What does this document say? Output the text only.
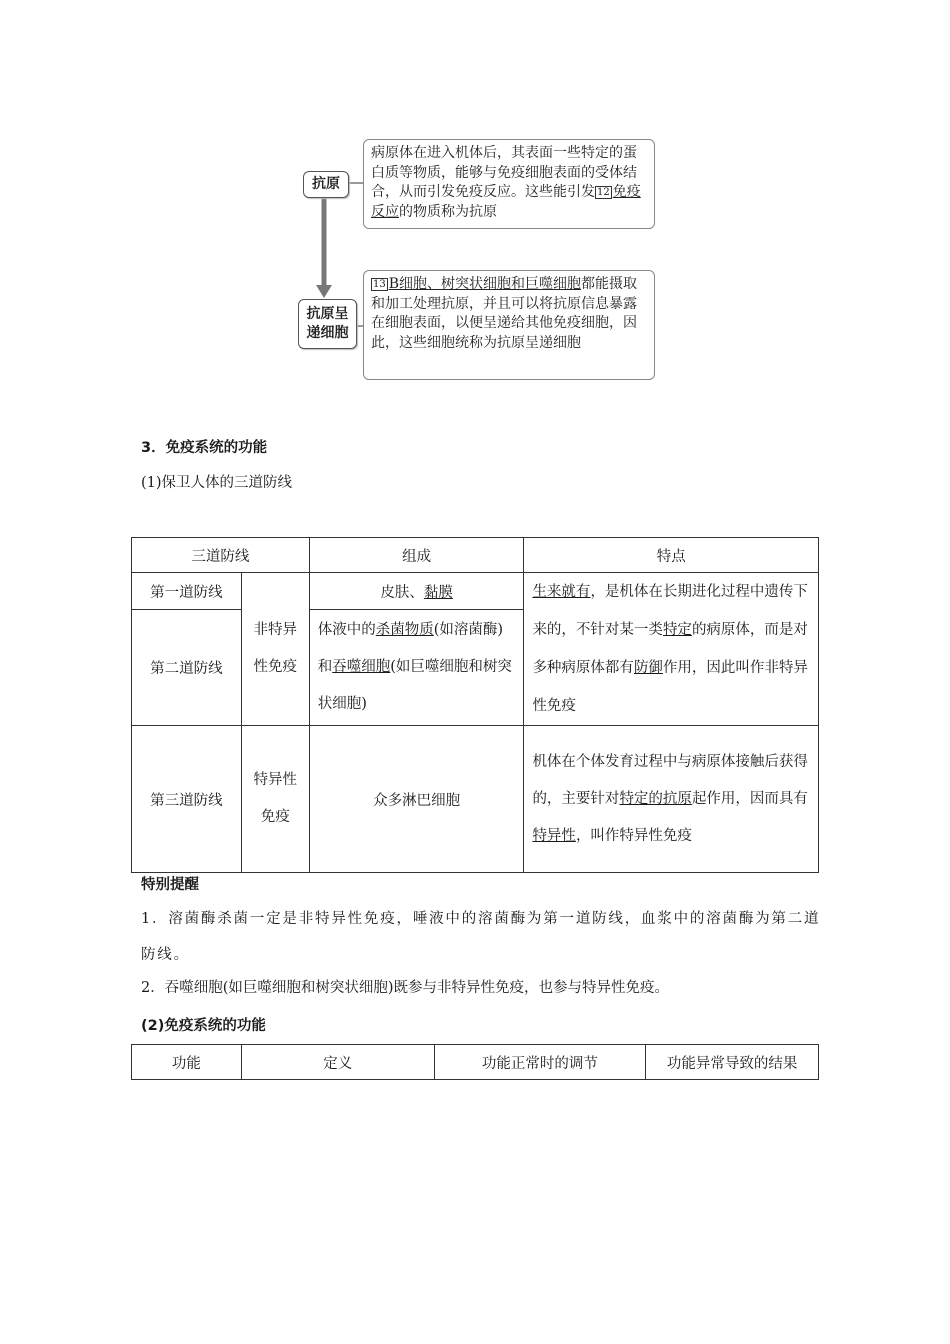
抗原
病原体在进入机体后，其表面一些特定的蛋白质等物质，能够与免疫细胞表面的受体结合，从而引发免疫反应。这些能引发 12 免疫反应的物质称为抗原
抗原呈
递细胞
13 B细胞、树突状细胞和巨噬细胞都能摄取和加工处理抗原，并且可以将抗原信息暴露在细胞表面，以便呈递给其他免疫细胞，因此，这些细胞统称为抗原呈递细胞
3．免疫系统的功能
(1)保卫人体的三道防线
三道防线		组成	特点
第一道防线	非特异性免疫	皮肤、黏膜	生来就有，是机体在长期进化过程中遗传下来的，不针对某一类特定的病原体，而是对多种病原体都有防御作用，因此叫作非特异性免疫
第二道防线		体液中的杀菌物质(如溶菌酶)和吞噬细胞(如巨噬细胞和树突状细胞)	
第三道防线	特异性免疫	众多淋巴细胞	机体在个体发育过程中与病原体接触后获得的，主要针对特定的抗原起作用，因而具有特异性，叫作特异性免疫
特别提醒
1．溶菌酶杀菌一定是非特异性免疫，唾液中的溶菌酶为第一道防线，血浆中的溶菌酶为第二道防线。
2．吞噬细胞(如巨噬细胞和树突状细胞)既参与非特异性免疫，也参与特异性免疫。
(2)免疫系统的功能
功能	定义	功能正常时的调节	功能异常导致的结果
